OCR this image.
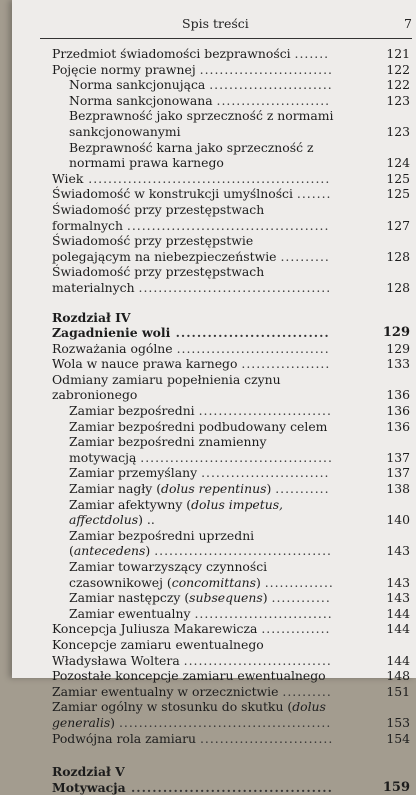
Spis treści	7
Przedmiot świadomości bezprawności .......	121
Pojęcie normy prawnej ...........................	122
Norma sankcjonująca .........................	122
Norma sankcjonowana .......................	123
Bezprawność jako sprzeczność z normami sankcjonowanymi	123
Bezprawność karna jako sprzeczność z normami prawa karnego	124
Wiek .................................................	125
Świadomość w konstrukcji umyślności .......	125
Świadomość przy przestępstwach formalnych .........................................	127
Świadomość przy przestępstwie polegającym na niebezpieczeństwie ..........	128
Świadomość przy przestępstwach materialnych .......................................	128
Rozdział IV
Zagadnienie woli .............................	129
Rozważania ogólne ...............................	129
Wola w nauce prawa karnego ..................	133
Odmiany zamiaru popełnienia czynu zabronionego	136
Zamiar bezpośredni ...........................	136
Zamiar bezpośredni podbudowany celem	136
Zamiar bezpośredni znamienny motywacją .......................................	137
Zamiar przemyślany ..........................	137
Zamiar nagły (dolus repentinus) ...........	138
Zamiar afektywny (dolus impetus, affectdolus) ..	140
Zamiar bezpośredni uprzedni (antecedens) ....................................	143
Zamiar towarzyszący czynności czasownikowej (concomittans) ..............	143
Zamiar następczy (subsequens) ............	143
Zamiar ewentualny ............................	144
Koncepcja Juliusza Makarewicza ..............	144
Koncepcje zamiaru ewentualnego Władysława Woltera ..............................	144
Pozostałe koncepcje zamiaru ewentualnego	148
Zamiar ewentualny w orzecznictwie ..........	151
Zamiar ogólny w stosunku do skutku (dolus generalis) ...........................................	153
Podwójna rola zamiaru ...........................	154
Rozdział V
Motywacja ......................................	159
